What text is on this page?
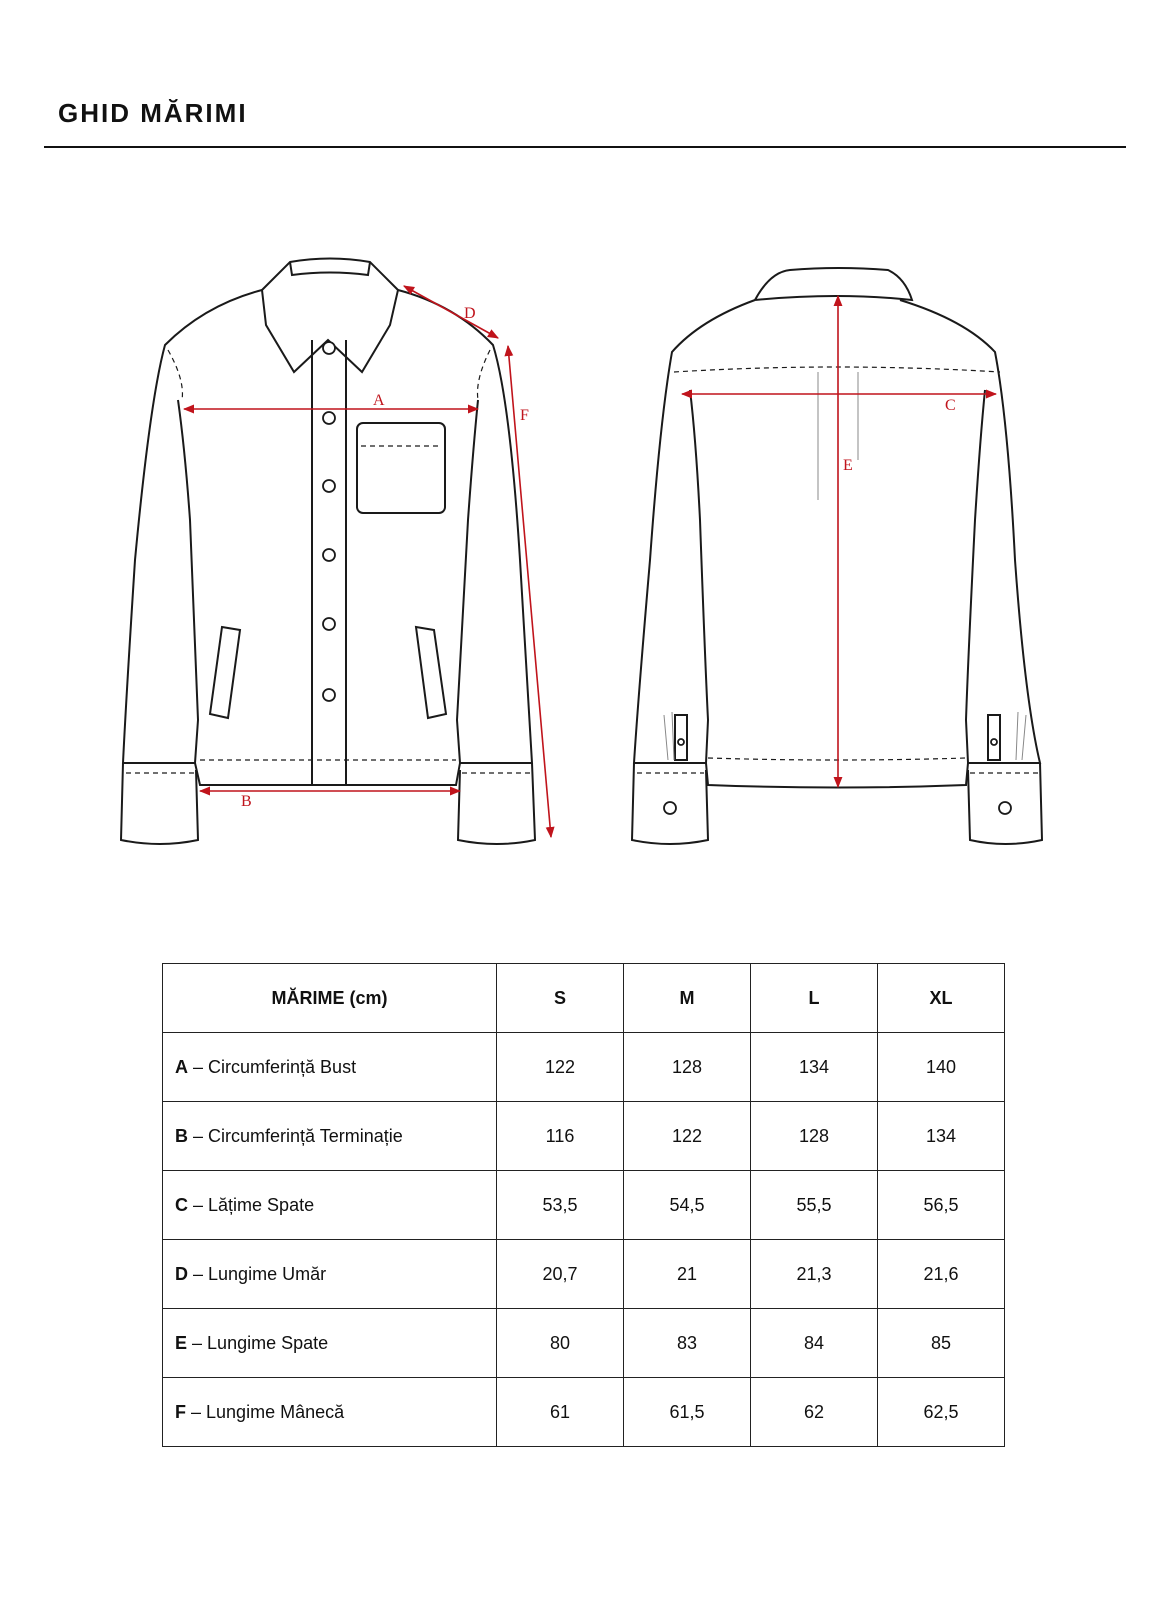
GHID MĂRIMI
A
B
D
F
C
E
MĂRIME (cm)	S	M	L	XL
A – Circumferință Bust	122	128	134	140
B – Circumferință Terminație	116	122	128	134
C – Lățime Spate	53,5	54,5	55,5	56,5
D – Lungime Umăr	20,7	21	21,3	21,6
E – Lungime Spate	80	83	84	85
F – Lungime Mânecă	61	61,5	62	62,5
